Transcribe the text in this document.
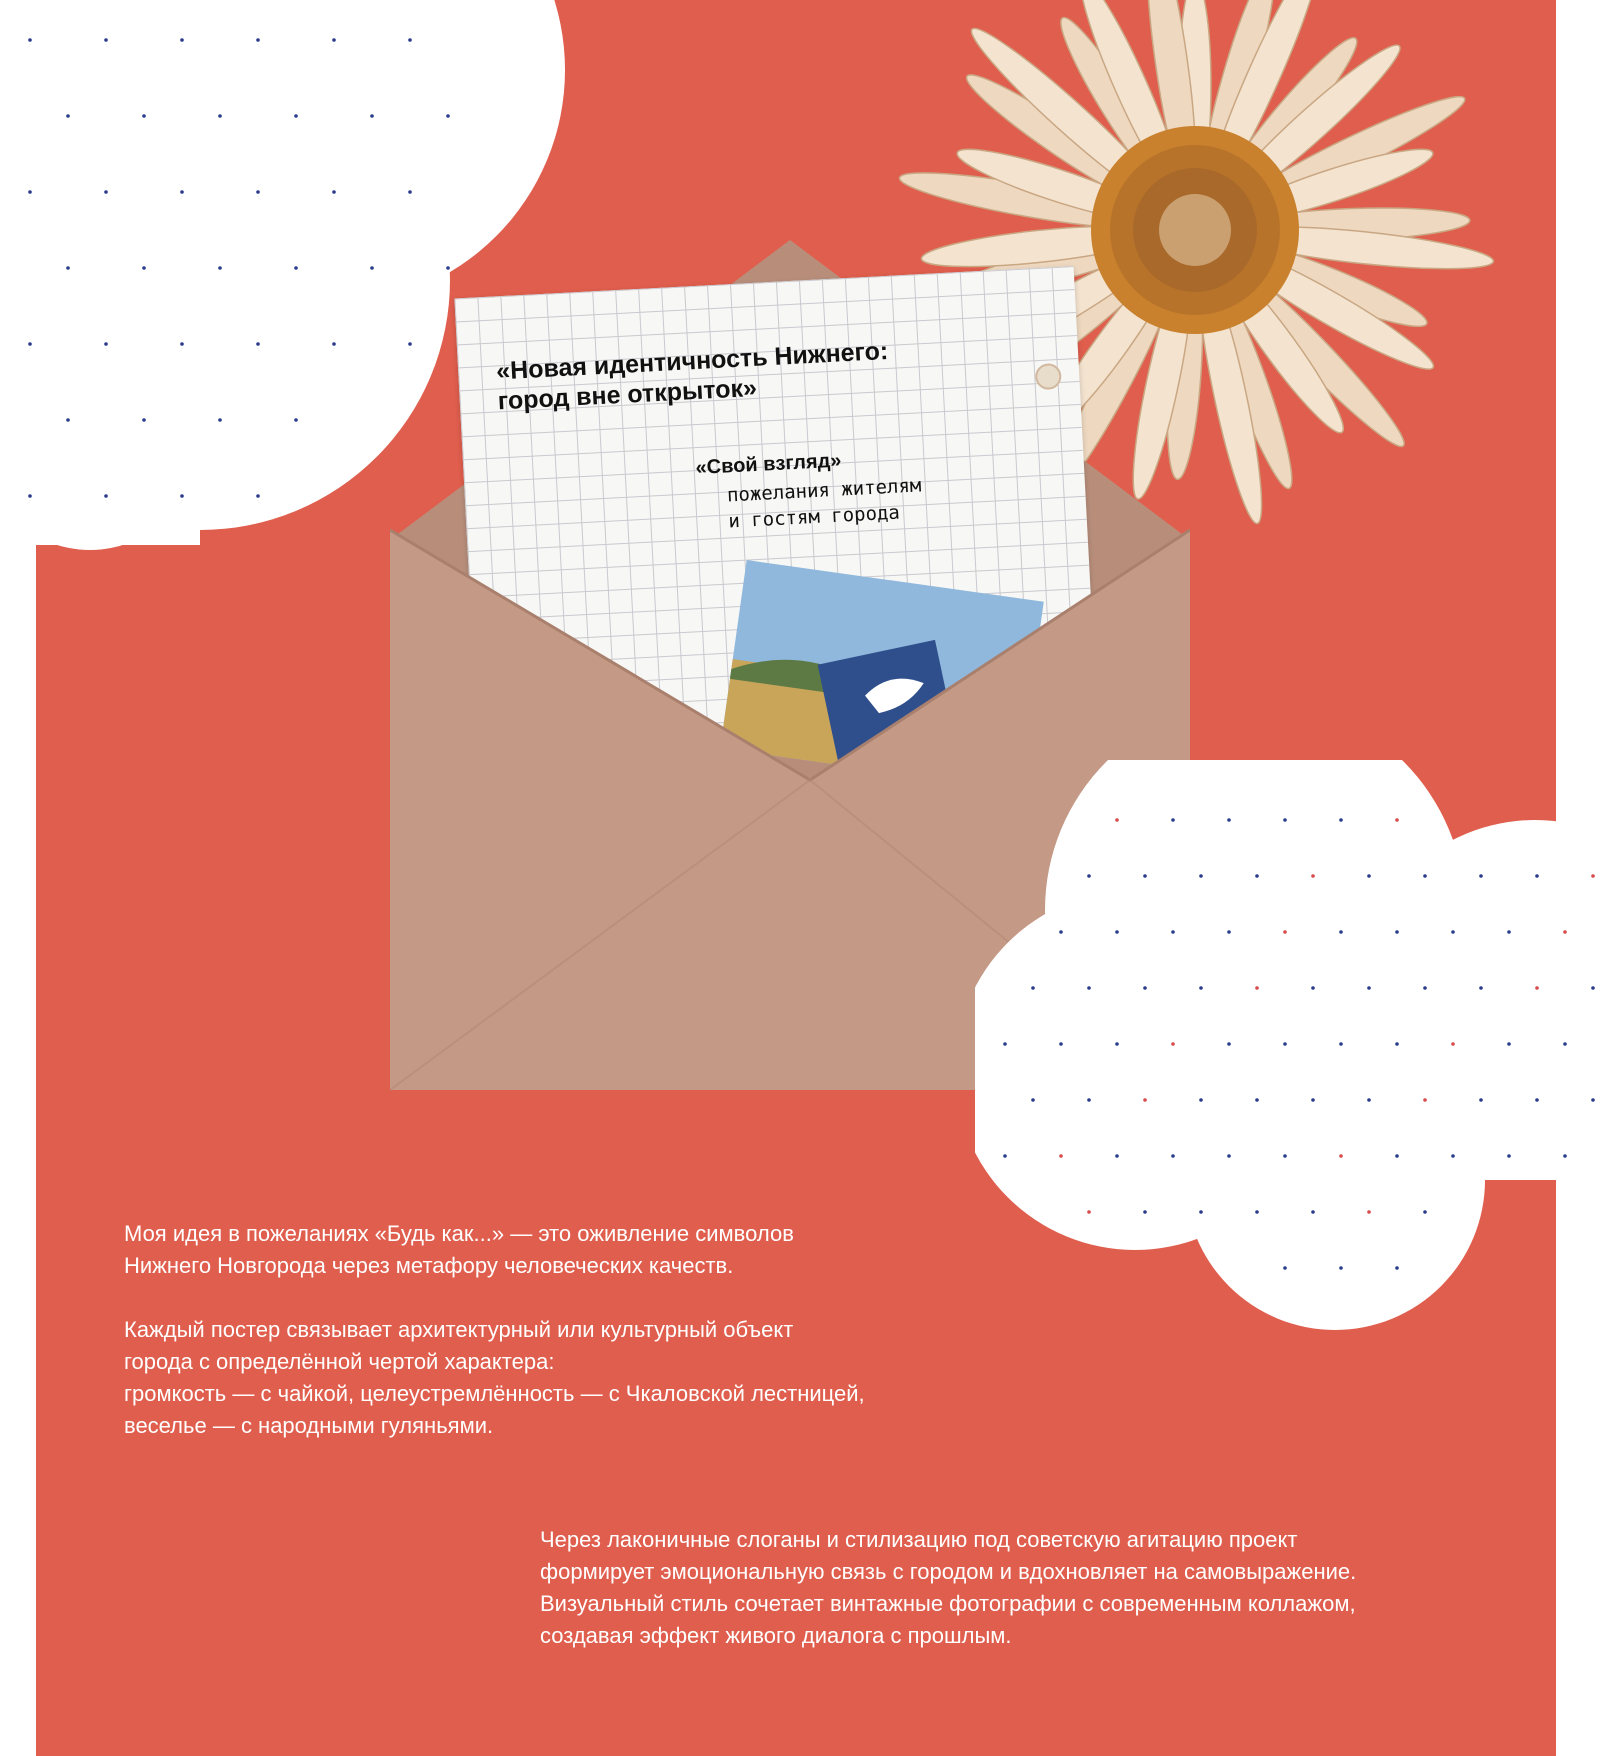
«Новая идентичность Нижнего:
город вне открыток»
«Свой взгляд»
пожелания жителям
и гостям города

Моя идея в пожеланиях «Будь как...» — это оживление символов

Нижнего Новгорода через метафору человеческих качеств.

Каждый постер связывает архитектурный или культурный объект

города с определённой чертой характера:

громкость — с чайкой, целеустремлённость — с Чкаловской лестницей,

веселье — с народными гуляньями.

Через лаконичные слоганы и стилизацию под советскую агитацию проект

формирует эмоциональную связь с городом и вдохновляет на самовыражение.

Визуальный стиль сочетает винтажные фотографии с современным коллажом,

создавая эффект живого диалога с прошлым.
